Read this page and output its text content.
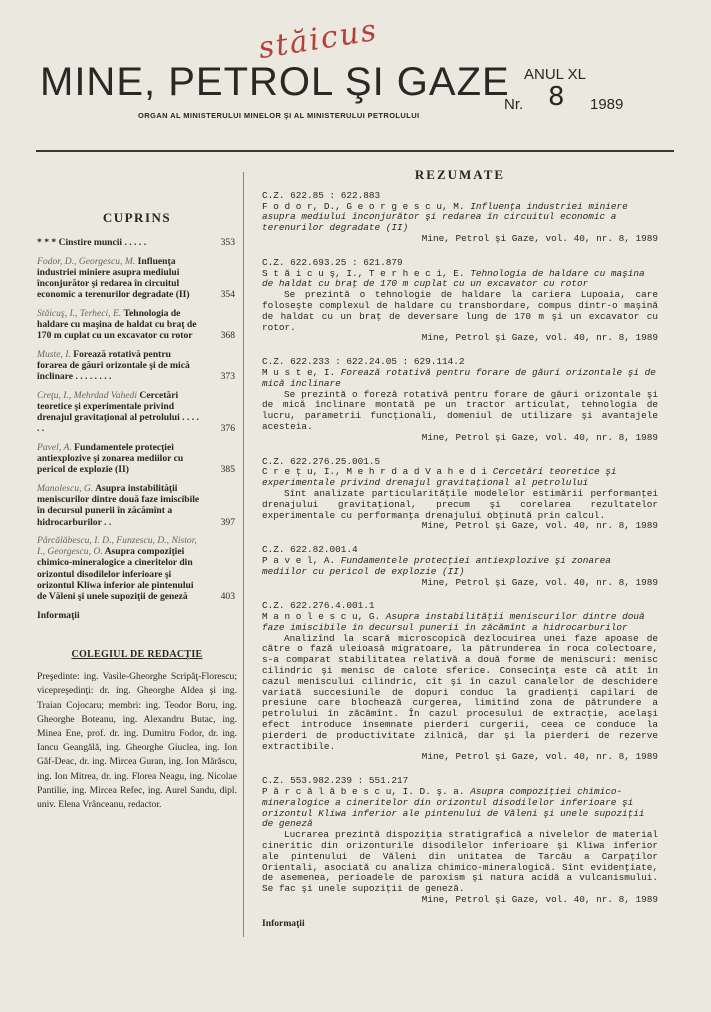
stăicus
MINE, PETROL ŞI GAZE
ORGAN AL MINISTERULUI MINELOR ŞI AL MINISTERULUI PETROLULUI
ANUL XL
Nr. 8 1989
CUPRINS
* * * Cinstire muncii . . . . .	353
Fodor, D., Georgescu, M. Influenţa industriei miniere asupra mediului înconjurător şi redarea în circuitul economic a terenurilor degradate (II)	354
Stăicuş, I., Terheci, E. Tehnologia de haldare cu maşina de haldat cu braţ de 170 m cuplat cu un excavator cu rotor	368
Muste, I. Forează rotativă pentru forarea de găuri orizontale şi de mică înclinare . . . . . . . .	373
Creţu, I., Mehrdad Vahedi Cercetări teoretice şi experimentale privind drenajul gravitaţional al petrolului . . . . . .	376
Pavel, A. Fundamentele protecţiei antiexplozive şi zonarea mediilor cu pericol de explozie (II)	385
Manolescu, G. Asupra instabilităţii meniscurilor dintre două faze imiscibile în decursul punerii în zăcămînt a hidrocarburilor . .	397
Pârcălăbescu, I. D., Funzescu, D., Nistor, I., Georgescu, O. Asupra compoziţiei chimico-mineralogice a cineritelor din orizontul disodilelor inferioare şi orizontul Kliwa inferior ale pintenului de Văleni şi unele supoziţii de geneză	403
Informaţii
COLEGIUL DE REDACŢIE
Preşedinte: ing. Vasile-Gheorghe Scripăţ-Florescu; vicepreşedinţi: dr. ing. Gheorghe Aldea şi ing. Traian Cojocaru; membri: ing. Teodor Boru, ing. Gheorghe Boteanu, ing. Alexandru Butac, ing. Minea Ene, prof. dr. ing. Dumitru Fodor, dr. ing. Iancu Geangălă, ing. Gheorghe Giuclea, ing. Ion Gâf-Deac, dr. ing. Mircea Guran, ing. Ion Mărăscu, ing. Ion Mitrea, dr. ing. Florea Neagu, ing. Nicolae Pantilie, ing. Mircea Refec, ing. Aurel Sandu, dipl. univ. Elena Vrânceanu, redactor.
REZUMATE
C.Z. 622.85 : 622.883
F o d o r, D., G e o r g e s c u, M. Influenţa industriei miniere asupra mediului înconjurător şi redarea în circuitul economic a terenurilor degradate (II)
Mine, Petrol şi Gaze, vol. 40, nr. 8, 1989
C.Z. 622.693.25 : 621.879
S t ă i c u ş, I., T e r h e c i, E. Tehnologia de haldare cu maşina de haldat cu braţ de 170 m cuplat cu un excavator cu rotor
Se prezintă o tehnologie de haldare la cariera Lupoaia, care foloseşte complexul de haldare cu transbordare, compus dintr-o maşină de haldat cu un braţ de deversare lung de 170 m şi un excavator cu rotor.
Mine, Petrol şi Gaze, vol. 40, nr. 8, 1989
C.Z. 622.233 : 622.24.05 : 629.114.2
M u s t e, I. Forează rotativă pentru forare de găuri orizontale şi de mică înclinare
Se prezintă o foreză rotativă pentru forare de găuri orizontale şi de mică înclinare montată pe un tractor articulat, tehnologia de lucru, parametrii funcţionali, domeniul de utilizare şi avantajele acesteia.
Mine, Petrol şi Gaze, vol. 40, nr. 8, 1989
C.Z. 622.276.25.001.5
C r e ţ u, I., M e h r d a d V a h e d i Cercetări teoretice şi experimentale privind drenajul gravitaţional al petrolului
Sînt analizate particularităţile modelelor estimării performanţei drenajului gravitaţional, precum şi corelarea rezultatelor experimentale cu performanţa drenajului obţinută prin calcul.
Mine, Petrol şi Gaze, vol. 40, nr. 8, 1989
C.Z. 622.82.001.4
P a v e l, A. Fundamentele protecţiei antiexplozive şi zonarea mediilor cu pericol de explozie (II)
Mine, Petrol şi Gaze, vol. 40, nr. 8, 1989
C.Z. 622.276.4.001.1
M a n o l e s c u, G. Asupra instabilităţii meniscurilor dintre două faze imiscibile în decursul punerii în zăcămînt a hidrocarburilor
Analizînd la scară microscopică dezlocuirea unei faze apoase de către o fază uleioasă migratoare, la pătrunderea în roca colectoare, s-a comparat stabilitatea relativă a două forme de meniscuri: menisc cilindric şi menisc de calote sferice. Consecinţa este că atît în cazul meniscului cilindric, cît şi în cazul canalelor de deschidere variată succesiunile de dopuri conduc la gradienţi capilari de presiune care blochează curgerea, limitînd zona de pătrundere a petrolului în zăcămînt. În cazul procesului de extracţie, acelaşi efect introduce însemnate pierderi curgerii, ceea ce conduce la pierderi de productivitate zilnică, dar şi la pierderi de rezerve extractibile.
Mine, Petrol şi Gaze, vol. 40, nr. 8, 1989
C.Z. 553.982.239 : 551.217
P ă r c ă l ă b e s c u, I. D. ş. a. Asupra compoziţiei chimico-mineralogice a cineritelor din orizontul disodilelor inferioare şi orizontul Kliwa inferior ale pintenului de Văleni şi unele supoziţii de geneză
Lucrarea prezintă dispoziţia stratigrafică a nivelelor de material cineritic din orizonturile disodilelor inferioare şi Kliwa inferior ale pintenului de Văleni din unitatea de Tarcău a Carpaţilor Orientali, asociată cu analiza chimico-mineralogică. Sînt evidenţiate, de asemenea, perioadele de paroxism şi natura acidă a vulcanismului. Se fac şi unele supoziţii de geneză.
Mine, Petrol şi Gaze, vol. 40, nr. 8, 1989
Informaţii
